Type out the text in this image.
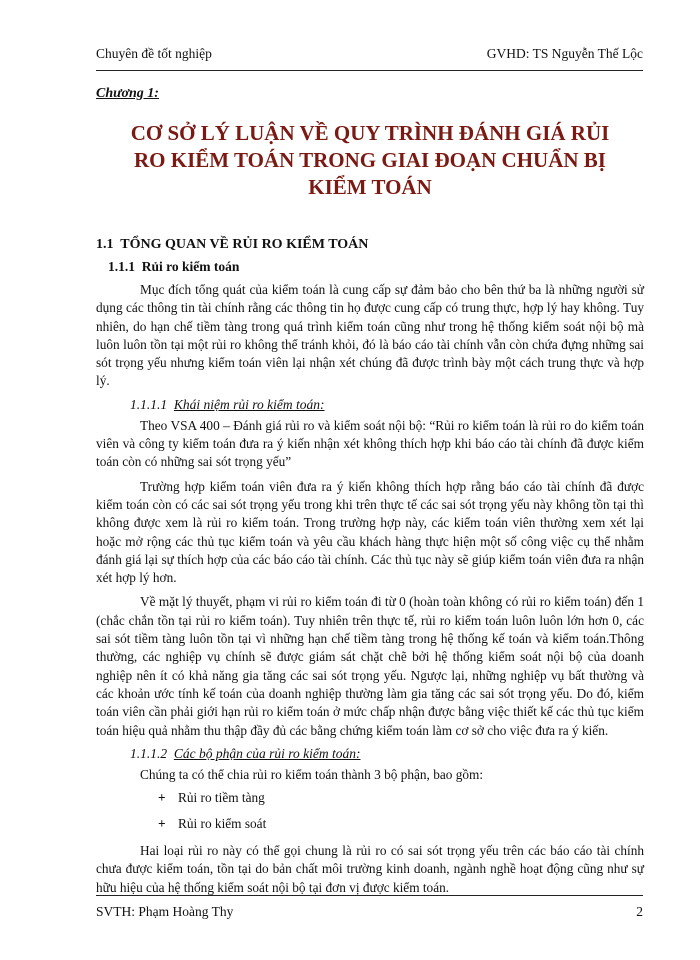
Chuyên đề tốt nghiệp	GVHD: TS Nguyễn Thế Lộc
Chương 1:
CƠ SỞ LÝ LUẬN VỀ QUY TRÌNH ĐÁNH GIÁ RỦI RO KIỂM TOÁN TRONG GIAI ĐOẠN CHUẨN BỊ KIỂM TOÁN
1.1 TỔNG QUAN VỀ RỦI RO KIỂM TOÁN
1.1.1 Rủi ro kiểm toán

Mục đích tổng quát của kiểm toán là cung cấp sự đảm bảo cho bên thứ ba là những người sử dụng các thông tin tài chính rằng các thông tin họ được cung cấp có trung thực, hợp lý hay không. Tuy nhiên, do hạn chế tiềm tàng trong quá trình kiểm toán cũng như trong hệ thống kiểm soát nội bộ mà luôn luôn tồn tại một rủi ro không thể tránh khỏi, đó là báo cáo tài chính vẫn còn chứa đựng những sai sót trọng yếu nhưng kiểm toán viên lại nhận xét chúng đã được trình bày một cách trung thực và hợp lý.

1.1.1.1 Khái niệm rủi ro kiểm toán:

Theo VSA 400 – Đánh giá rủi ro và kiểm soát nội bộ: “Rủi ro kiểm toán là rủi ro do kiểm toán viên và công ty kiểm toán đưa ra ý kiến nhận xét không thích hợp khi báo cáo tài chính đã được kiểm toán còn có những sai sót trọng yếu”

Trường hợp kiểm toán viên đưa ra ý kiến không thích hợp rằng báo cáo tài chính đã được kiểm toán còn có các sai sót trọng yếu trong khi trên thực tế các sai sót trọng yếu này không tồn tại thì không được xem là rủi ro kiểm toán. Trong trường hợp này, các kiểm toán viên thường xem xét lại hoặc mở rộng các thủ tục kiểm toán và yêu cầu khách hàng thực hiện một số công việc cụ thể nhằm đánh giá lại sự thích hợp của các báo cáo tài chính. Các thủ tục này sẽ giúp kiểm toán viên đưa ra nhận xét hợp lý hơn.

Về mặt lý thuyết, phạm vi rủi ro kiểm toán đi từ 0 (hoàn toàn không có rủi ro kiểm toán) đến 1 (chắc chắn tồn tại rủi ro kiểm toán). Tuy nhiên trên thực tế, rủi ro kiểm toán luôn luôn lớn hơn 0, các sai sót tiềm tàng luôn tồn tại vì những hạn chế tiềm tàng trong hệ thống kế toán và kiểm toán.Thông thường, các nghiệp vụ chính sẽ được giám sát chặt chẽ bởi hệ thống kiểm soát nội bộ của doanh nghiệp nên ít có khả năng gia tăng các sai sót trọng yếu. Ngược lại, những nghiệp vụ bất thường và các khoản ước tính kế toán của doanh nghiệp thường làm gia tăng các sai sót trọng yếu. Do đó, kiểm toán viên cần phải giới hạn rủi ro kiểm toán ở mức chấp nhận được bằng việc thiết kế các thủ tục kiểm toán hiệu quả nhằm thu thập đầy đủ các bằng chứng kiểm toán làm cơ sở cho việc đưa ra ý kiến.

1.1.1.2 Các bộ phận của rủi ro kiểm toán:
Chúng ta có thể chia rủi ro kiểm toán thành 3 bộ phận, bao gồm:
+ Rủi ro tiềm tàng
+ Rủi ro kiểm soát

Hai loại rủi ro này có thể gọi chung là rủi ro có sai sót trọng yếu trên các báo cáo tài chính chưa được kiểm toán, tồn tại do bản chất môi trường kinh doanh, ngành nghề hoạt động cũng như sự hữu hiệu của hệ thống kiểm soát nội bộ tại đơn vị được kiểm toán.

SVTH: Phạm Hoàng Thy	2
